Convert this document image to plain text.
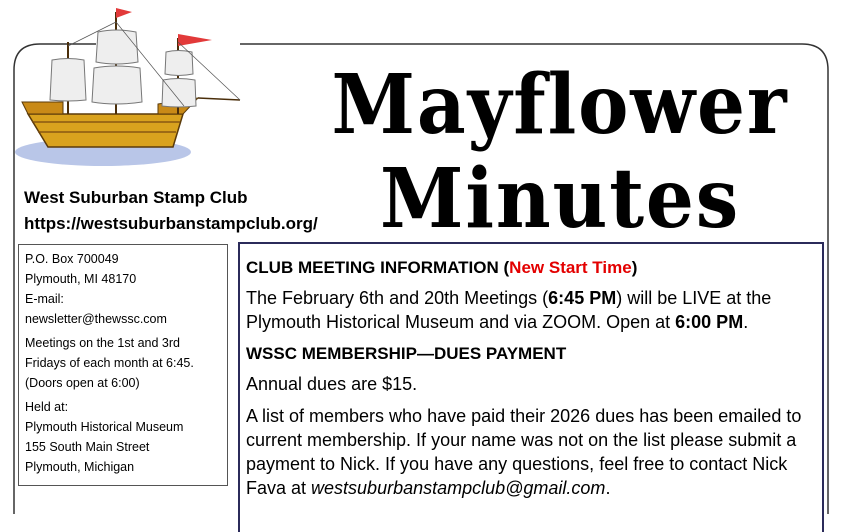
Mayflower
Minutes
West Suburban Stamp Club
https://westsuburbanstampclub.org/

P.O. Box 700049
Plymouth, MI 48170
E-mail:
newsletter@thewssc.com

Meetings on the 1st and 3rd
Fridays of each month at 6:45.
(Doors open at 6:00)

Held at:
Plymouth Historical Museum
155 South Main Street
Plymouth, Michigan

CLUB MEETING INFORMATION (New Start Time)

The February 6th and 20th Meetings (6:45 PM) will be LIVE at the Plymouth Historical Museum and via ZOOM. Open at 6:00 PM.

WSSC MEMBERSHIP—DUES PAYMENT

Annual dues are $15.

A list of members who have paid their 2026 dues has been emailed to current membership. If your name was not on the list please submit a payment to Nick. If you have any questions, feel free to contact Nick Fava at westsuburbanstampclub@gmail.com.
